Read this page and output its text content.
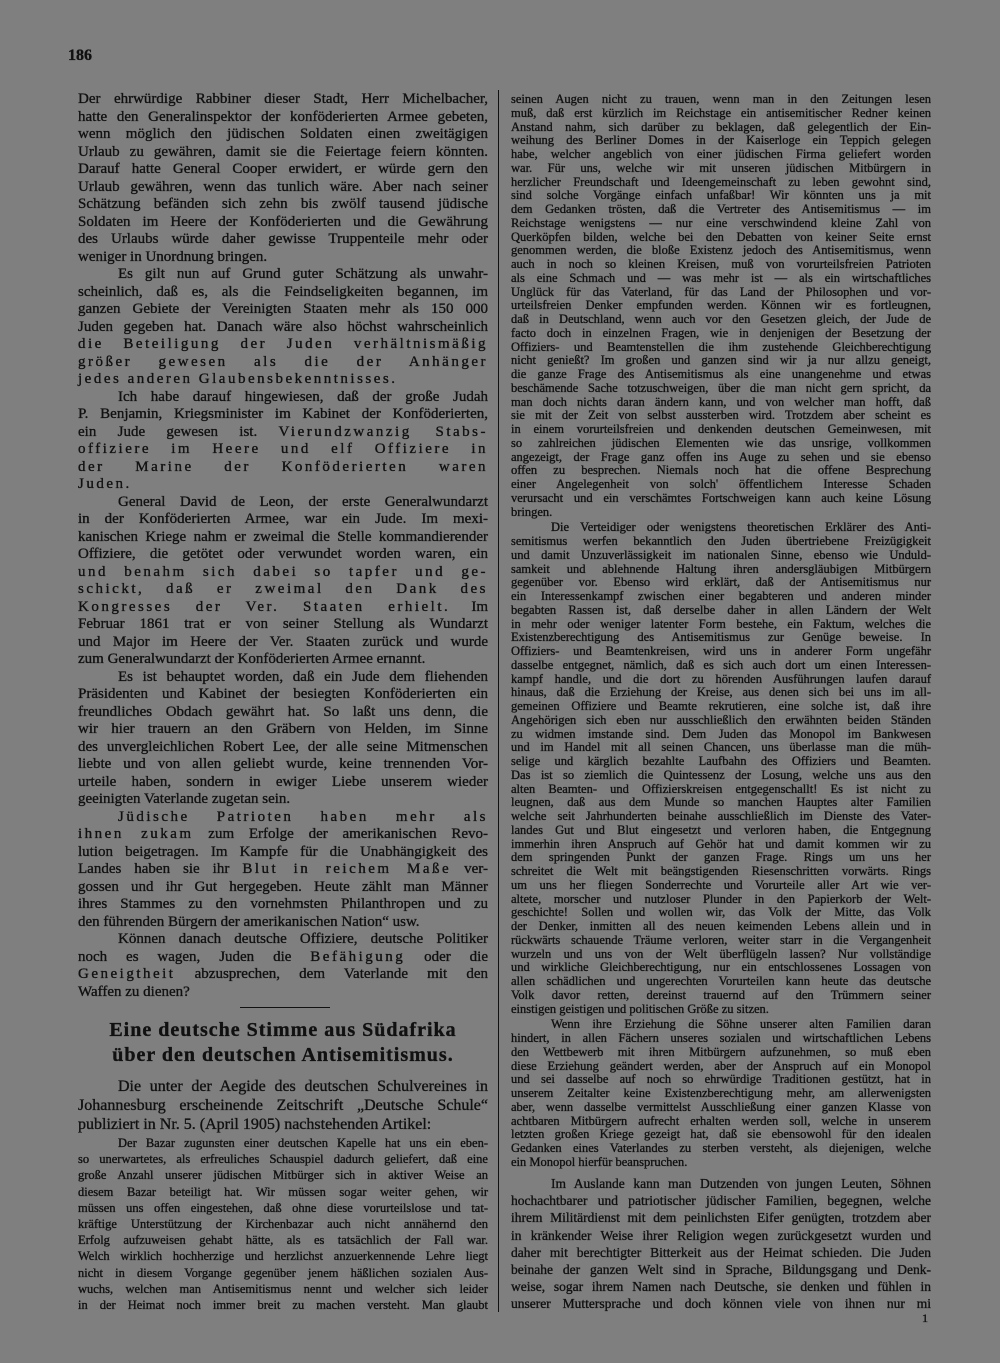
186
Der ehrwürdige Rabbiner dieser Stadt, Herr Michelbacher,
hatte den Generalinspektor der konföderierten Armee gebeten,
wenn möglich den jüdischen Soldaten einen zweitägigen
Urlaub zu gewähren, damit sie die Feiertage feiern könnten.
Darauf hatte General Cooper erwidert, er würde gern den
Urlaub gewähren, wenn das tunlich wäre. Aber nach seiner
Schätzung befänden sich zehn bis zwölf tausend jüdische
Soldaten im Heere der Konföderierten und die Gewährung
des Urlaubs würde daher gewisse Truppenteile mehr oder
weniger in Unordnung bringen.
Es gilt nun auf Grund guter Schätzung als unwahr-
scheinlich, daß es, als die Feindseligkeiten begannen, im
ganzen Gebiete der Vereinigten Staaten mehr als 150 000
Juden gegeben hat. Danach wäre also höchst wahrscheinlich
die Beteiligung der Juden verhältnismäßig
größer gewesen als die der Anhänger
jedes anderen Glaubensbekenntnisses.
Ich habe darauf hingewiesen, daß der große Judah
P. Benjamin, Kriegsminister im Kabinet der Konföderierten,
ein Jude gewesen ist. Vierundzwanzig Stabs-
offiziere im Heere und elf Offiziere in
der Marine der Konföderierten waren
Juden.
General David de Leon, der erste Generalwundarzt
in der Konföderierten Armee, war ein Jude. Im mexi-
kanischen Kriege nahm er zweimal die Stelle kommandierender
Offiziere, die getötet oder verwundet worden waren, ein
und benahm sich dabei so tapfer und ge-
schickt, daß er zweimal den Dank des
Kongresses der Ver. Staaten erhielt. Im
Februar 1861 trat er von seiner Stellung als Wundarzt
und Major im Heere der Ver. Staaten zurück und wurde
zum Generalwundarzt der Konföderierten Armee ernannt.
Es ist behauptet worden, daß ein Jude dem fliehenden
Präsidenten und Kabinet der besiegten Konföderierten ein
freundliches Obdach gewährt hat. So laßt uns denn, die
wir hier trauern an den Gräbern von Helden, im Sinne
des unvergleichlichen Robert Lee, der alle seine Mitmenschen
liebte und von allen geliebt wurde, keine trennenden Vor-
urteile haben, sondern in ewiger Liebe unserem wieder
geeinigten Vaterlande zugetan sein.
Jüdische Patrioten haben mehr als
ihnen zukam zum Erfolge der amerikanischen Revo-
lution beigetragen. Im Kampfe für die Unabhängigkeit des
Landes haben sie ihr Blut in reichem Maße ver-
gossen und ihr Gut hergegeben. Heute zählt man Männer
ihres Stammes zu den vornehmsten Philanthropen und zu
den führenden Bürgern der amerikanischen Nation“ usw.
Können danach deutsche Offiziere, deutsche Politiker
noch es wagen, Juden die Befähigung oder die
Geneigtheit abzusprechen, dem Vaterlande mit den
Waffen zu dienen?
Eine deutsche Stimme aus Südafrika
über den deutschen Antisemitismus.
Die unter der Aegide des deutschen Schulvereines in
Johannesburg erscheinende Zeitschrift „Deutsche Schule“
publiziert in Nr. 5. (April 1905) nachstehenden Artikel:
Der Bazar zugunsten einer deutschen Kapelle hat uns ein eben-
so unerwartetes, als erfreuliches Schauspiel dadurch geliefert, daß eine
große Anzahl unserer jüdischen Mitbürger sich in aktiver Weise an
diesem Bazar beteiligt hat. Wir müssen sogar weiter gehen, wir
müssen uns offen eingestehen, daß ohne diese vorurteilslose und tat-
kräftige Unterstützung der Kirchenbazar auch nicht annähernd den
Erfolg aufzuweisen gehabt hätte, als es tatsächlich der Fall war.
Welch wirklich hochherzige und herzlichst anzuerkennende Lehre liegt
nicht in diesem Vorgange gegenüber jenem häßlichen sozialen Aus-
wuchs, welchen man Antisemitismus nennt und welcher sich leider
in der Heimat noch immer breit zu machen versteht. Man glaubt
seinen Augen nicht zu trauen, wenn man in den Zeitungen lesen
muß, daß erst kürzlich im Reichstage ein antisemitischer Redner keinen
Anstand nahm, sich darüber zu beklagen, daß gelegentlich der Ein-
weihung des Berliner Domes in der Kaiserloge ein Teppich gelegen
habe, welcher angeblich von einer jüdischen Firma geliefert worden
war. Für uns, welche wir mit unseren jüdischen Mitbürgern in
herzlicher Freundschaft und Ideengemeinschaft zu leben gewohnt sind,
sind solche Vorgänge einfach unfaßbar! Wir könnten uns ja mit
dem Gedanken trösten, daß die Vertreter des Antisemitismus — im
Reichstage wenigstens — nur eine verschwindend kleine Zahl von
Querköpfen bilden, welche bei den Debatten von keiner Seite ernst
genommen werden, die bloße Existenz jedoch des Antisemitismus, wenn
auch in noch so kleinen Kreisen, muß von vorurteilsfreien Patrioten
als eine Schmach und — was mehr ist — als ein wirtschaftliches
Unglück für das Vaterland, für das Land der Philosophen und vor-
urteilsfreien Denker empfunden werden. Können wir es fortleugnen,
daß in Deutschland, wenn auch vor den Gesetzen gleich, der Jude de
facto doch in einzelnen Fragen, wie in denjenigen der Besetzung der
Offiziers- und Beamtenstellen die ihm zustehende Gleichberechtigung
nicht genießt? Im großen und ganzen sind wir ja nur allzu geneigt,
die ganze Frage des Antisemitismus als eine unangenehme und etwas
beschämende Sache totzuschweigen, über die man nicht gern spricht, da
man doch nichts daran ändern kann, und von welcher man hofft, daß
sie mit der Zeit von selbst aussterben wird. Trotzdem aber scheint es
in einem vorurteilsfreien und denkenden deutschen Gemeinwesen, mit
so zahlreichen jüdischen Elementen wie das unsrige, vollkommen
angezeigt, der Frage ganz offen ins Auge zu sehen und sie ebenso
offen zu besprechen. Niemals noch hat die offene Besprechung
einer Angelegenheit von solch' öffentlichem Interesse Schaden
verursacht und ein verschämtes Fortschweigen kann auch keine Lösung
bringen.
Die Verteidiger oder wenigstens theoretischen Erklärer des Anti-
semitismus werfen bekanntlich den Juden übertriebene Freizügigkeit
und damit Unzuverlässigkeit im nationalen Sinne, ebenso wie Unduld-
samkeit und ablehnende Haltung ihren andersgläubigen Mitbürgern
gegenüber vor. Ebenso wird erklärt, daß der Antisemitismus nur
ein Interessenkampf zwischen einer begabteren und anderen minder
begabten Rassen ist, daß derselbe daher in allen Ländern der Welt
in mehr oder weniger latenter Form bestehe, ein Faktum, welches die
Existenzberechtigung des Antisemitismus zur Genüge beweise. In
Offiziers- und Beamtenkreisen, wird uns in anderer Form ungefähr
dasselbe entgegnet, nämlich, daß es sich auch dort um einen Interessen-
kampf handle, und die dort zu hörenden Ausführungen laufen darauf
hinaus, daß die Erziehung der Kreise, aus denen sich bei uns im all-
gemeinen Offiziere und Beamte rekrutieren, eine solche ist, daß ihre
Angehörigen sich eben nur ausschließlich den erwähnten beiden Ständen
zu widmen imstande sind. Dem Juden das Monopol im Bankwesen
und im Handel mit all seinen Chancen, uns überlasse man die müh-
selige und kärglich bezahlte Laufbahn des Offiziers und Beamten.
Das ist so ziemlich die Quintessenz der Losung, welche uns aus den
alten Beamten- und Offizierskreisen entgegenschallt! Es ist nicht zu
leugnen, daß aus dem Munde so manchen Hauptes alter Familien
welche seit Jahrhunderten beinahe ausschließlich im Dienste des Vater-
landes Gut und Blut eingesetzt und verloren haben, die Entgegnung
immerhin ihren Anspruch auf Gehör hat und damit kommen wir zu
dem springenden Punkt der ganzen Frage. Rings um uns her
schreitet die Welt mit beängstigenden Riesenschritten vorwärts. Rings
um uns her fliegen Sonderrechte und Vorurteile aller Art wie ver-
altete, morscher und nutzloser Plunder in den Papierkorb der Welt-
geschichte! Sollen und wollen wir, das Volk der Mitte, das Volk
der Denker, inmitten all des neuen keimenden Lebens allein und in
rückwärts schauende Träume verloren, weiter starr in die Vergangenheit
wurzeln und uns von der Welt überflügeln lassen? Nur vollständige
und wirkliche Gleichberechtigung, nur ein entschlossenes Lossagen von
allen schädlichen und ungerechten Vorurteilen kann heute das deutsche
Volk davor retten, dereinst trauernd auf den Trümmern seiner
einstigen geistigen und politischen Größe zu sitzen.
Wenn ihre Erziehung die Söhne unserer alten Familien daran
hindert, in allen Fächern unseres sozialen und wirtschaftlichen Lebens
den Wettbewerb mit ihren Mitbürgern aufzunehmen, so muß eben
diese Erziehung geändert werden, aber der Anspruch auf ein Monopol
und sei dasselbe auf noch so ehrwürdige Traditionen gestützt, hat in
unserem Zeitalter keine Existenzberechtigung mehr, am allerwenigsten
aber, wenn dasselbe vermittelst Ausschließung einer ganzen Klasse von
achtbaren Mitbürgern aufrecht erhalten werden soll, welche in unserem
letzten großen Kriege gezeigt hat, daß sie ebensowohl für den idealen
Gedanken eines Vaterlandes zu sterben versteht, als diejenigen, welche
ein Monopol hierfür beanspruchen.
Im Auslande kann man Dutzenden von jungen Leuten, Söhnen
hochachtbarer und patriotischer jüdischer Familien, begegnen, welche
ihrem Militärdienst mit dem peinlichsten Eifer genügten, trotzdem aber
in kränkender Weise ihrer Religion wegen zurückgesetzt wurden und
daher mit berechtigter Bitterkeit aus der Heimat schieden. Die Juden
beinahe der ganzen Welt sind in Sprache, Bildungsgang und Denk-
weise, sogar ihrem Namen nach Deutsche, sie denken und fühlen in
unserer Muttersprache und doch können viele von ihnen nur mi
1
